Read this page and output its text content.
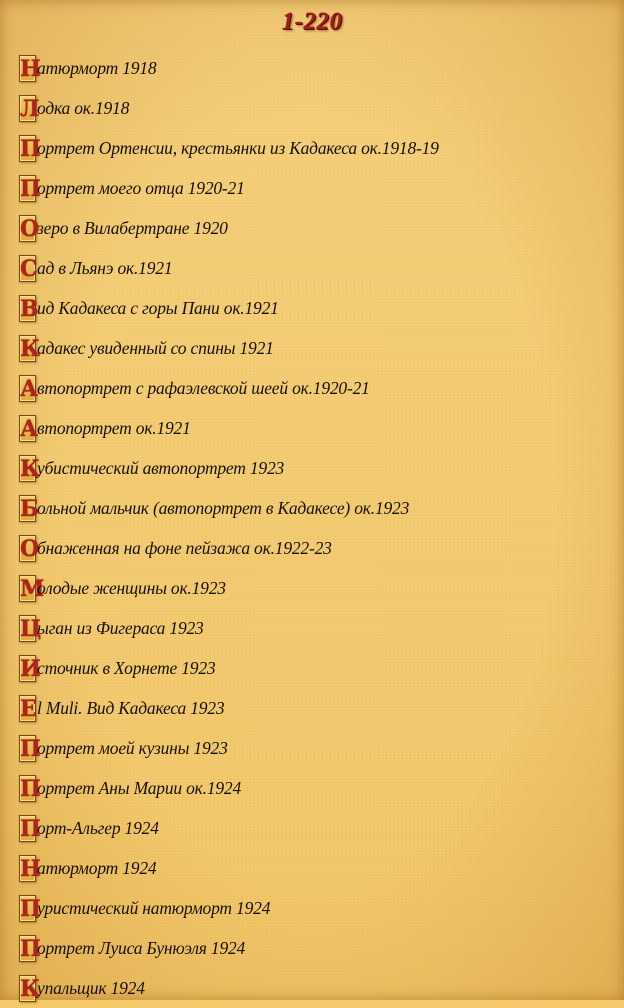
1-220
Н
атюрморт 1918
Л
одка ок.1918
П
ортрет Ортенсии, крестьянки из Кадакеса ок.1918-19
П
ортрет моего отца 1920-21
О
зеро в Вилабертране 1920
С ад в Льянэ ок.1921
В
ид Кадакеса с горы Пани ок.1921
К
адакес увиденный со спины 1921
А втопортрет с рафаэлевской шеей ок.1920-21
А втопортрет ок.1921
К
убистический автопортрет 1923
Б
ольной мальчик (автопортрет в Кадакесе) ок.1923
О
бнаженная на фоне пейзажа ок.1922-23
М
олодые женщины ок.1923
Ц
ыган из Фигераса 1923
И
сточник в Хорнете 1923
E l Muli. Вид Кадакеса 1923
П
ортрет моей кузины 1923
П
ортрет Аны Марии ок.1924
П
орт-Альгер 1924
Н
атюрморт 1924
П
уристический натюрморт 1924
П
ортрет Луиса Бунюэля 1924
К
упальщик 1924
